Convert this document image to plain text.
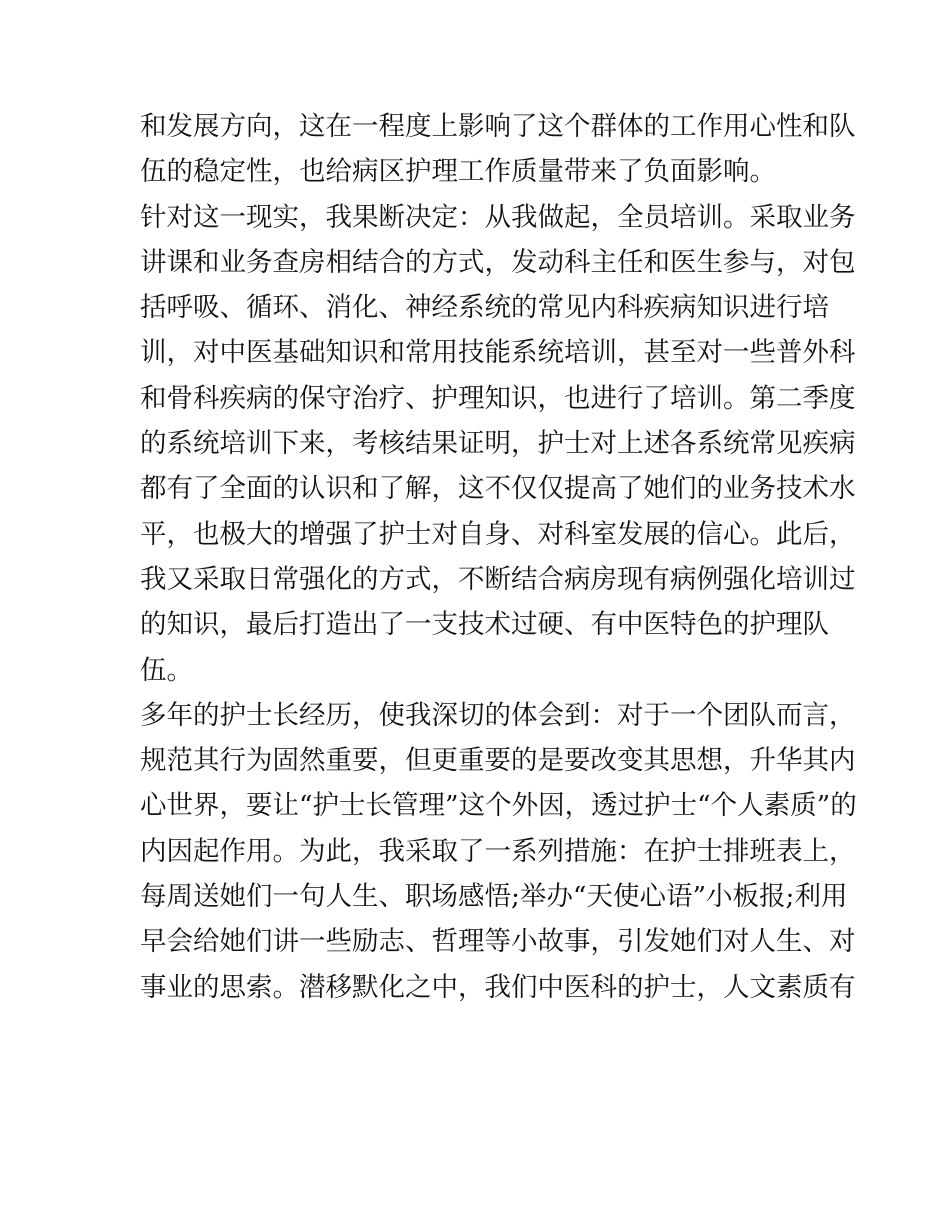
和发展方向，这在一程度上影响了这个群体的工作用心性和队
伍的稳定性，也给病区护理工作质量带来了负面影响。
针对这一现实，我果断决定：从我做起，全员培训。采取业务
讲课和业务查房相结合的方式，发动科主任和医生参与，对包
括呼吸、循环、消化、神经系统的常见内科疾病知识进行培
训，对中医基础知识和常用技能系统培训，甚至对一些普外科
和骨科疾病的保守治疗、护理知识，也进行了培训。第二季度
的系统培训下来，考核结果证明，护士对上述各系统常见疾病
都有了全面的认识和了解，这不仅仅提高了她们的业务技术水
平，也极大的增强了护士对自身、对科室发展的信心。此后，
我又采取日常强化的方式，不断结合病房现有病例强化培训过
的知识，最后打造出了一支技术过硬、有中医特色的护理队
伍。
多年的护士长经历，使我深切的体会到：对于一个团队而言，
规范其行为固然重要，但更重要的是要改变其思想，升华其内
心世界，要让“护士长管理”这个外因，透过护士“个人素质”的
内因起作用。为此，我采取了一系列措施：在护士排班表上，
每周送她们一句人生、职场感悟;举办“天使心语”小板报;利用
早会给她们讲一些励志、哲理等小故事，引发她们对人生、对
事业的思索。潜移默化之中，我们中医科的护士，人文素质有
